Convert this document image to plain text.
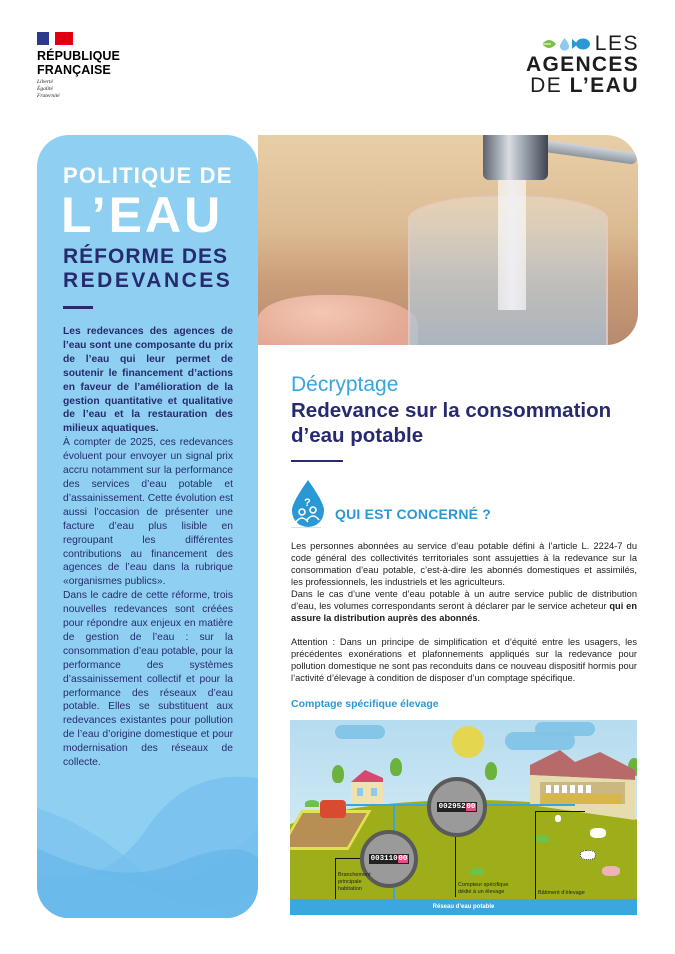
RÉPUBLIQUE
FRANÇAISE
Liberté
Égalité
Fraternité
LES
AGENCES
DE L’EAU
POLITIQUE DE
L’EAU
RÉFORME DES
REDEVANCES

Les redevances des agences de l’eau sont une composante du prix de l’eau qui leur permet de soutenir le financement d’actions en faveur de l’amélioration de la gestion quantitative et qualitative de l’eau et la restauration des milieux aquatiques.

À compter de 2025, ces redevances évoluent pour envoyer un signal prix accru notamment sur la performance des services d’eau potable et d’assainissement. Cette évolution est aussi l’occasion de présenter une facture d’eau plus lisible en regroupant les différentes contributions au financement des agences de l’eau dans la rubrique «organismes publics».

Dans le cadre de cette réforme, trois nouvelles redevances sont créées pour répondre aux enjeux en matière de gestion de l’eau : sur la consommation d’eau potable, pour la performance des systèmes d’assainissement collectif et pour la performance des réseaux d’eau potable. Elles se substituent aux redevances existantes pour pollution de l’eau d’origine domestique et pour modernisation des réseaux de collecte.

Décryptage
Redevance sur la consommation d’eau potable
?
QUI EST CONCERNÉ ?
Les personnes abonnées au service d’eau potable défini à l’article L. 2224-7 du code général des collectivités territoriales sont assujetties à la redevance sur la consommation d’eau potable, c’est-à-dire les abonnés domestiques et assimilés, les professionnels, les industriels et les agriculteurs.
Dans le cas d’une vente d’eau potable à un autre service public de distribution d’eau, les volumes correspondants seront à déclarer par le service acheteur qui en assure la distribution auprès des abonnés.
Attention : Dans un principe de simplification et d’équité entre les usagers, les précédentes exonérations et plafonnements appliqués sur la redevance pour pollution domestique ne sont pas reconduits dans ce nouveau dispositif hormis pour l’activité d’élevage à condition de disposer d’un comptage spécifique.
Comptage spécifique élevage
002952 00
003110 00
Branchement principale habitation
Compteur spécifique dédié à un élevage	Bâtiment d’élevage
Réseau d’eau potable
